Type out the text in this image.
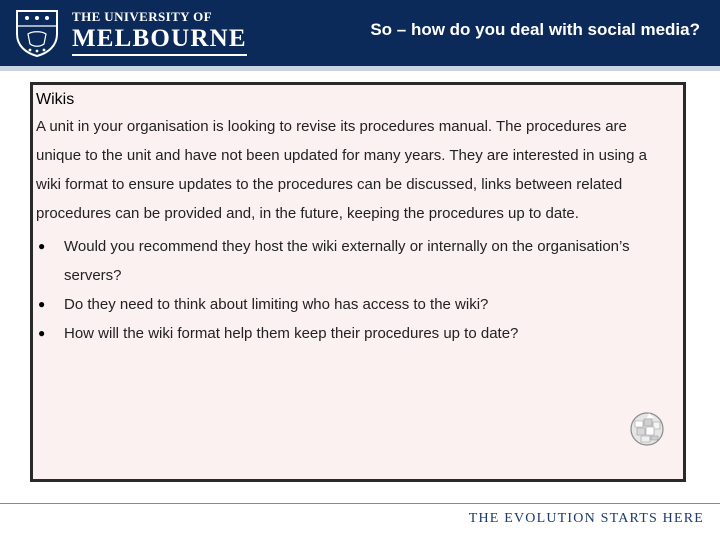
THE UNIVERSITY OF
MELBOURNE	So – how do you deal with social media?
Wikis

A unit in your organisation is looking to revise its procedures manual. The procedures are unique to the unit and have not been updated for many years. They are interested in using a wiki format to ensure updates to the procedures can be discussed, links between related procedures can be provided and, in the future, keeping the procedures up to date.

● Would you recommend they host the wiki externally or internally on the organisation’s servers?
● Do they need to think about limiting who has access to the wiki?
● How will the wiki format help them keep their procedures up to date?
THE EVOLUTION STARTS HERE
